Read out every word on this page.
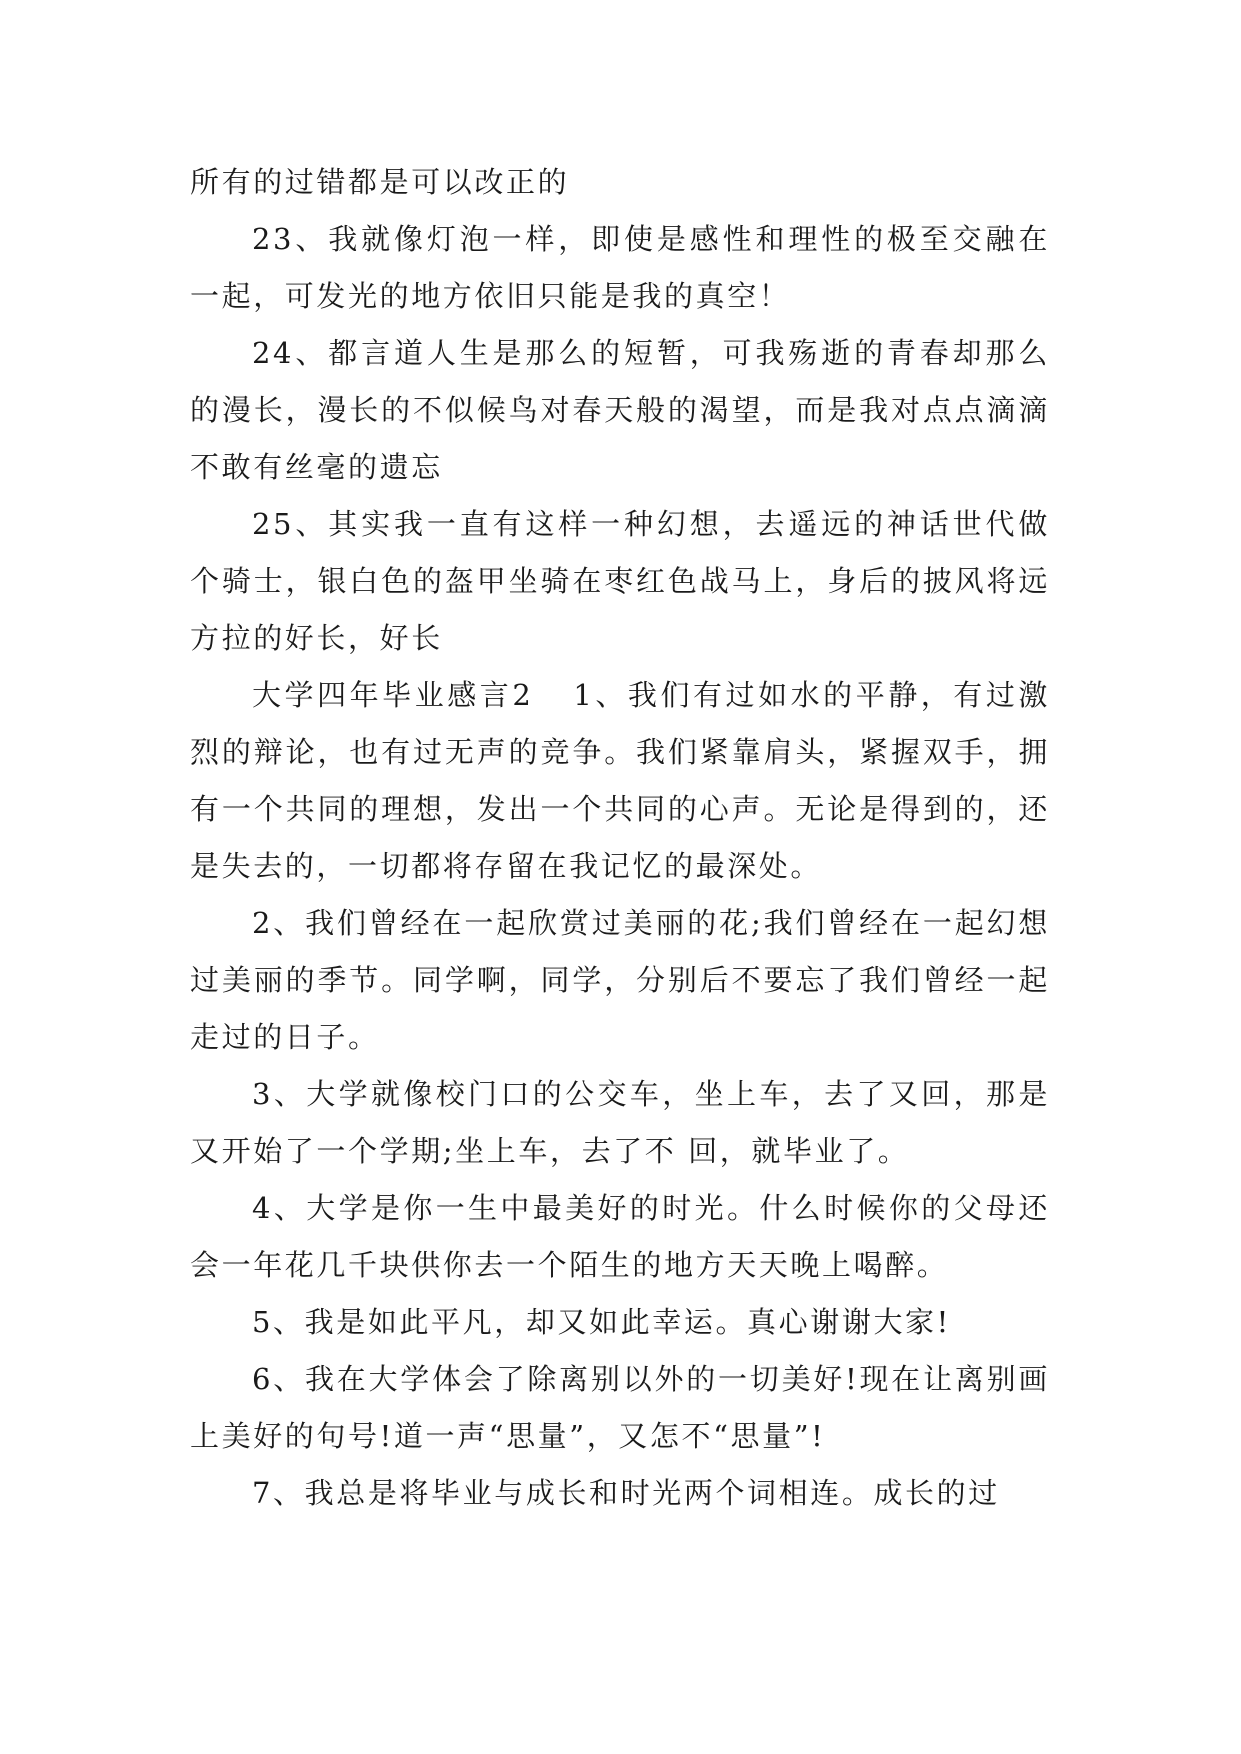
所有的过错都是可以改正的

23、我就像灯泡一样，即使是感性和理性的极至交融在一起，可发光的地方依旧只能是我的真空！

24、都言道人生是那么的短暂，可我殇逝的青春却那么的漫长，漫长的不似候鸟对春天般的渴望，而是我对点点滴滴不敢有丝毫的遗忘

25、其实我一直有这样一种幻想，去遥远的神话世代做个骑士，银白色的盔甲坐骑在枣红色战马上，身后的披风将远方拉的好长，好长

大学四年毕业感言2 1、我们有过如水的平静，有过激烈的辩论，也有过无声的竞争。我们紧靠肩头，紧握双手，拥有一个共同的理想，发出一个共同的心声。无论是得到的，还是失去的，一切都将存留在我记忆的最深处。

2、我们曾经在一起欣赏过美丽的花;我们曾经在一起幻想过美丽的季节。同学啊，同学，分别后不要忘了我们曾经一起走过的日子。

3、大学就像校门口的公交车，坐上车，去了又回，那是又开始了一个学期;坐上车，去了不 回，就毕业了。

4、大学是你一生中最美好的时光。什么时候你的父母还会一年花几千块供你去一个陌生的地方天天晚上喝醉。

5、我是如此平凡，却又如此幸运。真心谢谢大家!

6、我在大学体会了除离别以外的一切美好!现在让离别画上美好的句号!道一声“思量”，又怎不“思量”!

7、我总是将毕业与成长和时光两个词相连。成长的过
